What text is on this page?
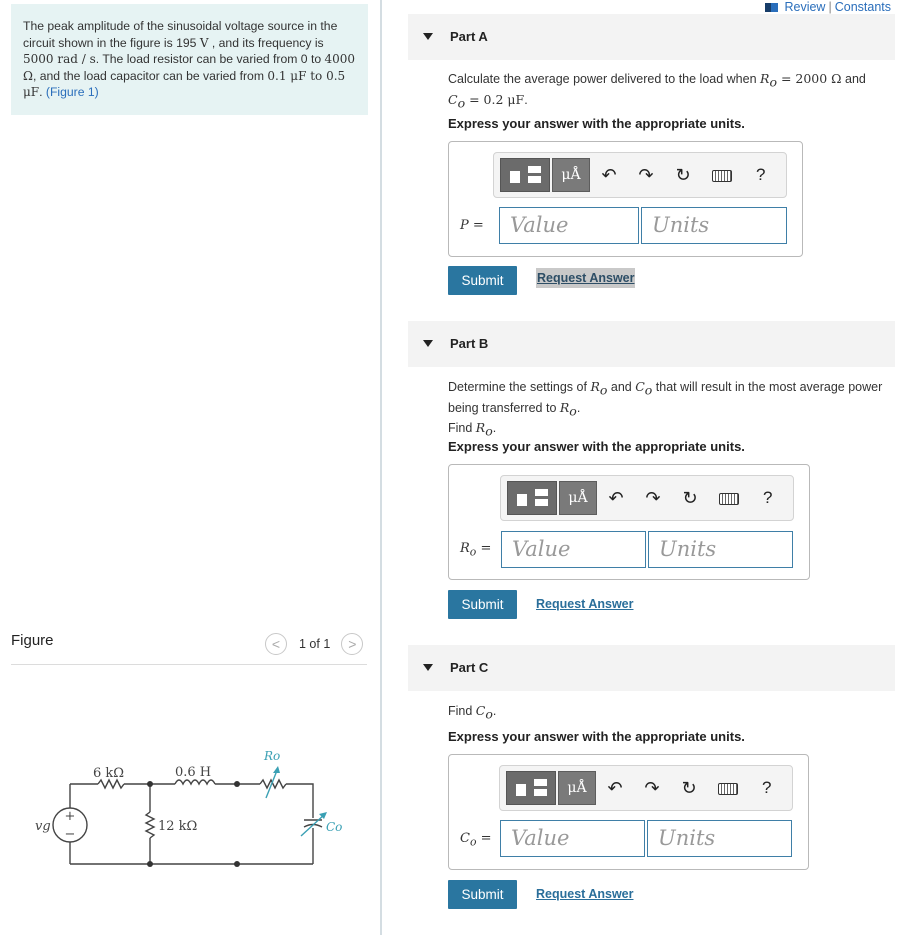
The peak amplitude of the sinusoidal voltage source in the circuit shown in the figure is 195 V , and its frequency is 5000 rad / s. The load resistor can be varied from 0 to 4000 Ω, and the load capacitor can be varied from 0.1 μF to 0.5 μF. (Figure 1)
Figure	<	1 of 1	>
+
−
6 kΩ	0.6 H
12 kΩ
Ro
Co
vg
Review | Constants
Part A
Calculate the average power delivered to the load when $R_o = 2000$ Ω and
$C_o = 0.2$ μF.
Express your answer with the appropriate units.
μÅ	↶ ↷ ↻	?
P =	Value	Units
Submit	Request Answer
Part B
Determine the settings of $R_o$ and $C_o$ that will result in the most average power being transferred to $R_o$.
Find $R_o$.
Express your answer with the appropriate units.
μÅ	↶ ↷ ↻	?
$R_o$ = Value	Units
Submit	Request Answer
Part C
Find $C_o$.
Express your answer with the appropriate units.
μÅ	↶ ↷ ↻	?
$C_o$ = Value	Units
Submit	Request Answer
